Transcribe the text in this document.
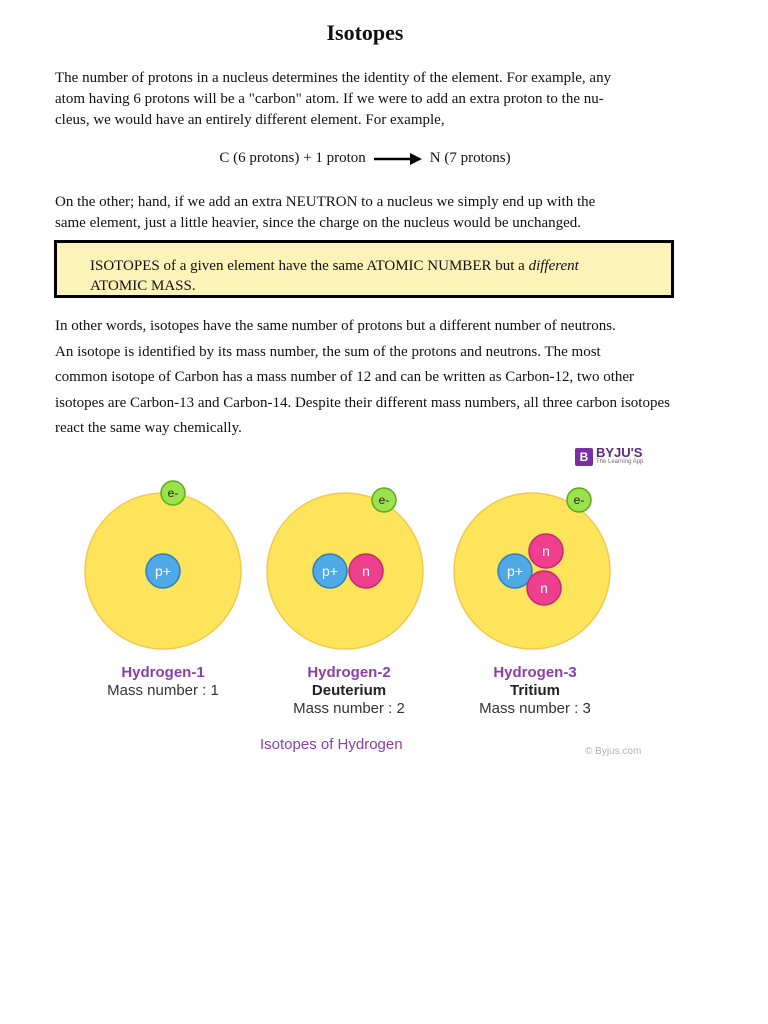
Isotopes
The number of protons in a nucleus determines the identity of the element. For example, any
atom having 6 protons will be a "carbon" atom. If we were to add an extra proton to the nu-
cleus, we would have an entirely different element. For example,
C (6 protons) + 1 proton	N (7 protons)
On the other; hand, if we add an extra NEUTRON to a nucleus we simply end up with the
same element, just a little heavier, since the charge on the nucleus would be unchanged.
ISOTOPES of a given element have the same ATOMIC NUMBER but a different
ATOMIC MASS.
In other words, isotopes have the same number of protons but a different number of neutrons.
An isotope is identified by its mass number, the sum of the protons and neutrons. The most
common isotope of Carbon has a mass number of 12 and can be written as Carbon-12, two other
isotopes are Carbon-13 and Carbon-14. Despite their different mass numbers, all three carbon isotopes
react the same way chemically.
p+
e-
p+ n
e-
p+
n
n
e-
B BYJU'S
The Learning App
Hydrogen-1
Mass number : 1
Hydrogen-2
Deuterium
Mass number : 2
Hydrogen-3
Tritium
Mass number : 3
Isotopes of Hydrogen	© Byjus.com
